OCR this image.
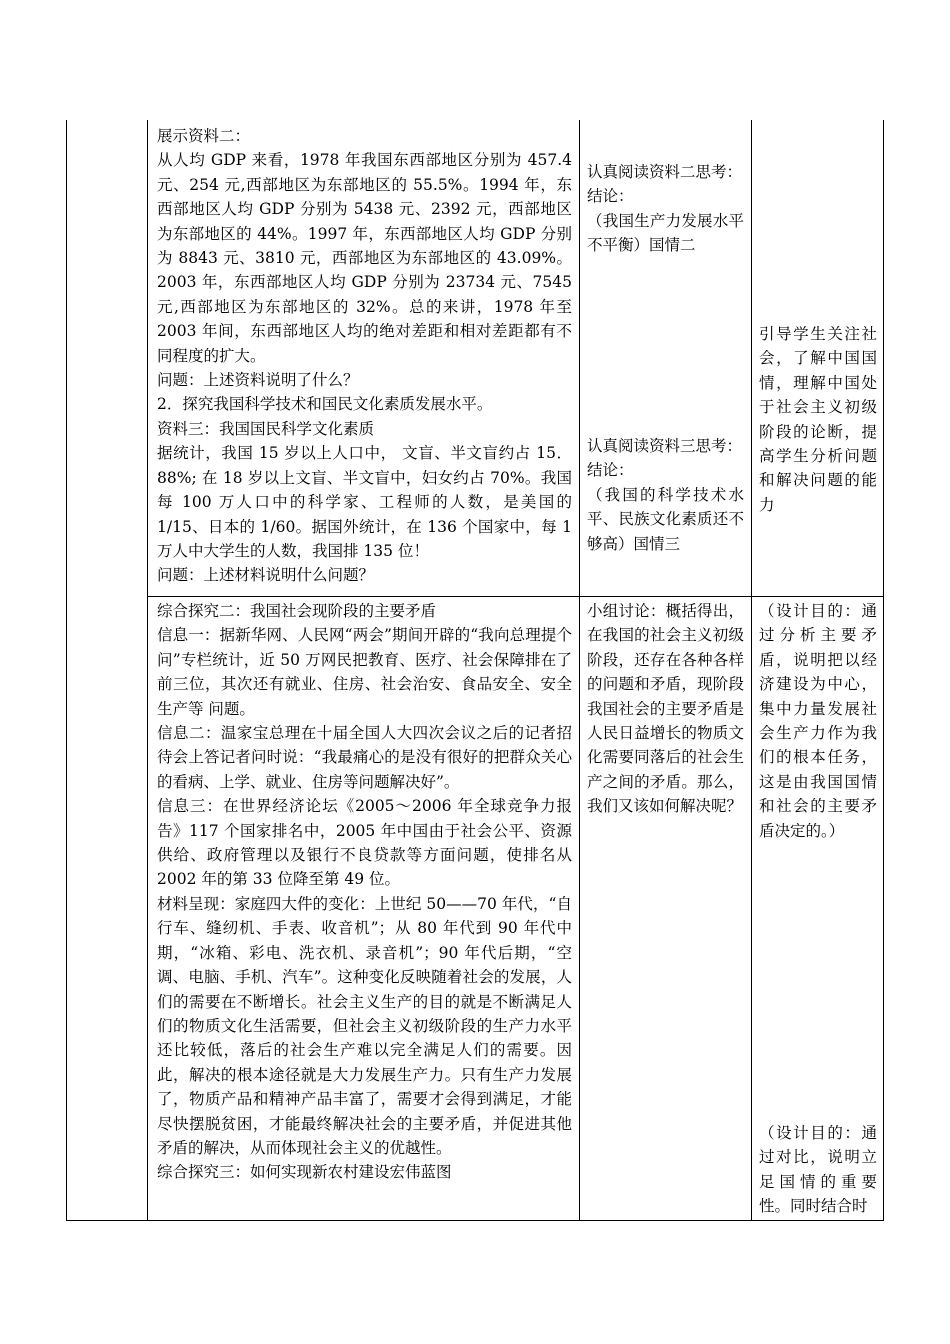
展示资料二：

从人均 GDP 来看，1978 年我国东西部地区分别为 457.4 元、254 元,西部地区为东部地区的 55.5%。1994 年，东西部地区人均 GDP 分别为 5438 元、2392 元，西部地区为东部地区的 44%。1997 年，东西部地区人均 GDP 分别为 8843 元、3810 元，西部地区为东部地区的 43.09%。2003 年，东西部地区人均 GDP 分别为 23734 元、7545 元,西部地区为东部地区的 32%。总的来讲，1978 年至 2003 年间，东西部地区人均的绝对差距和相对差距都有不同程度的扩大。

问题：上述资料说明了什么？

2．探究我国科学技术和国民文化素质发展水平。

资料三：我国国民科学文化素质

据统计，我国 15 岁以上人口中， 文盲、半文盲约占 15．88%; 在 18 岁以上文盲、半文盲中，妇女约占 70%。我国每 100 万人口中的科学家、工程师的人数，是美国的 1/15、日本的 1/60。据国外统计，在 136 个国家中，每 1 万人中大学生的人数，我国排 135 位！

问题：上述材料说明什么问题？

认真阅读资料二思考：

结论：

（我国生产力发展水平不平衡）国情二

认真阅读资料三思考：

结论：

（我国的科学技术水平、民族文化素质还不够高）国情三

引导学生关注社会，了解中国国情，理解中国处于社会主义初级阶段的论断，提高学生分析问题和解决问题的能力

综合探究二：我国社会现阶段的主要矛盾

信息一：据新华网、人民网“两会”期间开辟的“我向总理提个问”专栏统计，近 50 万网民把教育、医疗、社会保障排在了前三位，其次还有就业、住房、社会治安、食品安全、安全生产等 问题。

信息二：温家宝总理在十届全国人大四次会议之后的记者招待会上答记者问时说：“我最痛心的是没有很好的把群众关心的看病、上学、就业、住房等问题解决好”。

信息三：在世界经济论坛《2005～2006 年全球竞争力报告》117 个国家排名中，2005 年中国由于社会公平、资源供给、政府管理以及银行不良贷款等方面问题，使排名从 2002 年的第 33 位降至第 49 位。

材料呈现：家庭四大件的变化：上世纪 50——70 年代，“自行车、缝纫机、手表、收音机”；从 80 年代到 90 年代中期，“冰箱、彩电、洗衣机、录音机”；90 年代后期，“空调、电脑、手机、汽车”。这种变化反映随着社会的发展，人们的需要在不断增长。社会主义生产的目的就是不断满足人们的物质文化生活需要，但社会主义初级阶段的生产力水平还比较低，落后的社会生产难以完全满足人们的需要。因此，解决的根本途径就是大力发展生产力。只有生产力发展了，物质产品和精神产品丰富了，需要才会得到满足，才能尽快摆脱贫困，才能最终解决社会的主要矛盾，并促进其他矛盾的解决，从而体现社会主义的优越性。

综合探究三：如何实现新农村建设宏伟蓝图

小组讨论：概括得出，在我国的社会主义初级阶段，还存在各种各样的问题和矛盾，现阶段我国社会的主要矛盾是人民日益增长的物质文化需要同落后的社会生产之间的矛盾。那么，我们又该如何解决呢？

（设计目的：通过分析主要矛盾，说明把以经济建设为中心，集中力量发展社会生产力作为我们的根本任务，这是由我国国情和社会的主要矛盾决定的。）

（设计目的：通过对比，说明立足国情的重要性。同时结合时
